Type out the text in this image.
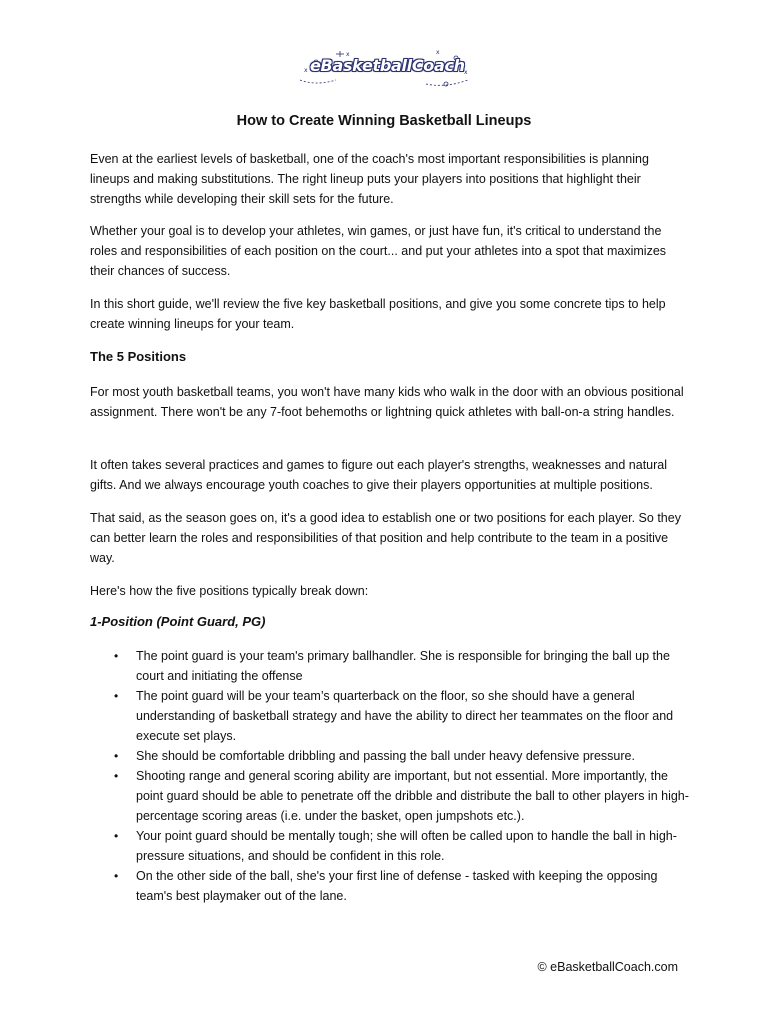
x
x	x
x
eBasketballCoach
How to Create Winning Basketball Lineups

Even at the earliest levels of basketball, one of the coach's most important responsibilities is planning lineups and making substitutions. The right lineup puts your players into positions that highlight their strengths while developing their skill sets for the future.

Whether your goal is to develop your athletes, win games, or just have fun, it's critical to understand the roles and responsibilities of each position on the court... and put your athletes into a spot that maximizes their chances of success.

In this short guide, we'll review the five key basketball positions, and give you some concrete tips to help create winning lineups for your team.

The 5 Positions

For most youth basketball teams, you won't have many kids who walk in the door with an obvious positional assignment. There won't be any 7-foot behemoths or lightning quick athletes with ball-on-a string handles.

It often takes several practices and games to figure out each player's strengths, weaknesses and natural gifts. And we always encourage youth coaches to give their players opportunities at multiple positions.

That said, as the season goes on, it's a good idea to establish one or two positions for each player. So they can better learn the roles and responsibilities of that position and help contribute to the team in a positive way.

Here's how the five positions typically break down:

1-Position (Point Guard, PG)
• The point guard is your team's primary ballhandler. She is responsible for bringing the ball up the court and initiating the offense
• The point guard will be your team’s quarterback on the floor, so she should have a general understanding of basketball strategy and have the ability to direct her teammates on the floor and execute set plays.
• She should be comfortable dribbling and passing the ball under heavy defensive pressure.
• Shooting range and general scoring ability are important, but not essential. More importantly, the point guard should be able to penetrate off the dribble and distribute the ball to other players in high-percentage scoring areas (i.e. under the basket, open jumpshots etc.).
• Your point guard should be mentally tough; she will often be called upon to handle the ball in high-pressure situations, and should be confident in this role.
• On the other side of the ball, she's your first line of defense - tasked with keeping the opposing team's best playmaker out of the lane.
© eBasketballCoach.com
